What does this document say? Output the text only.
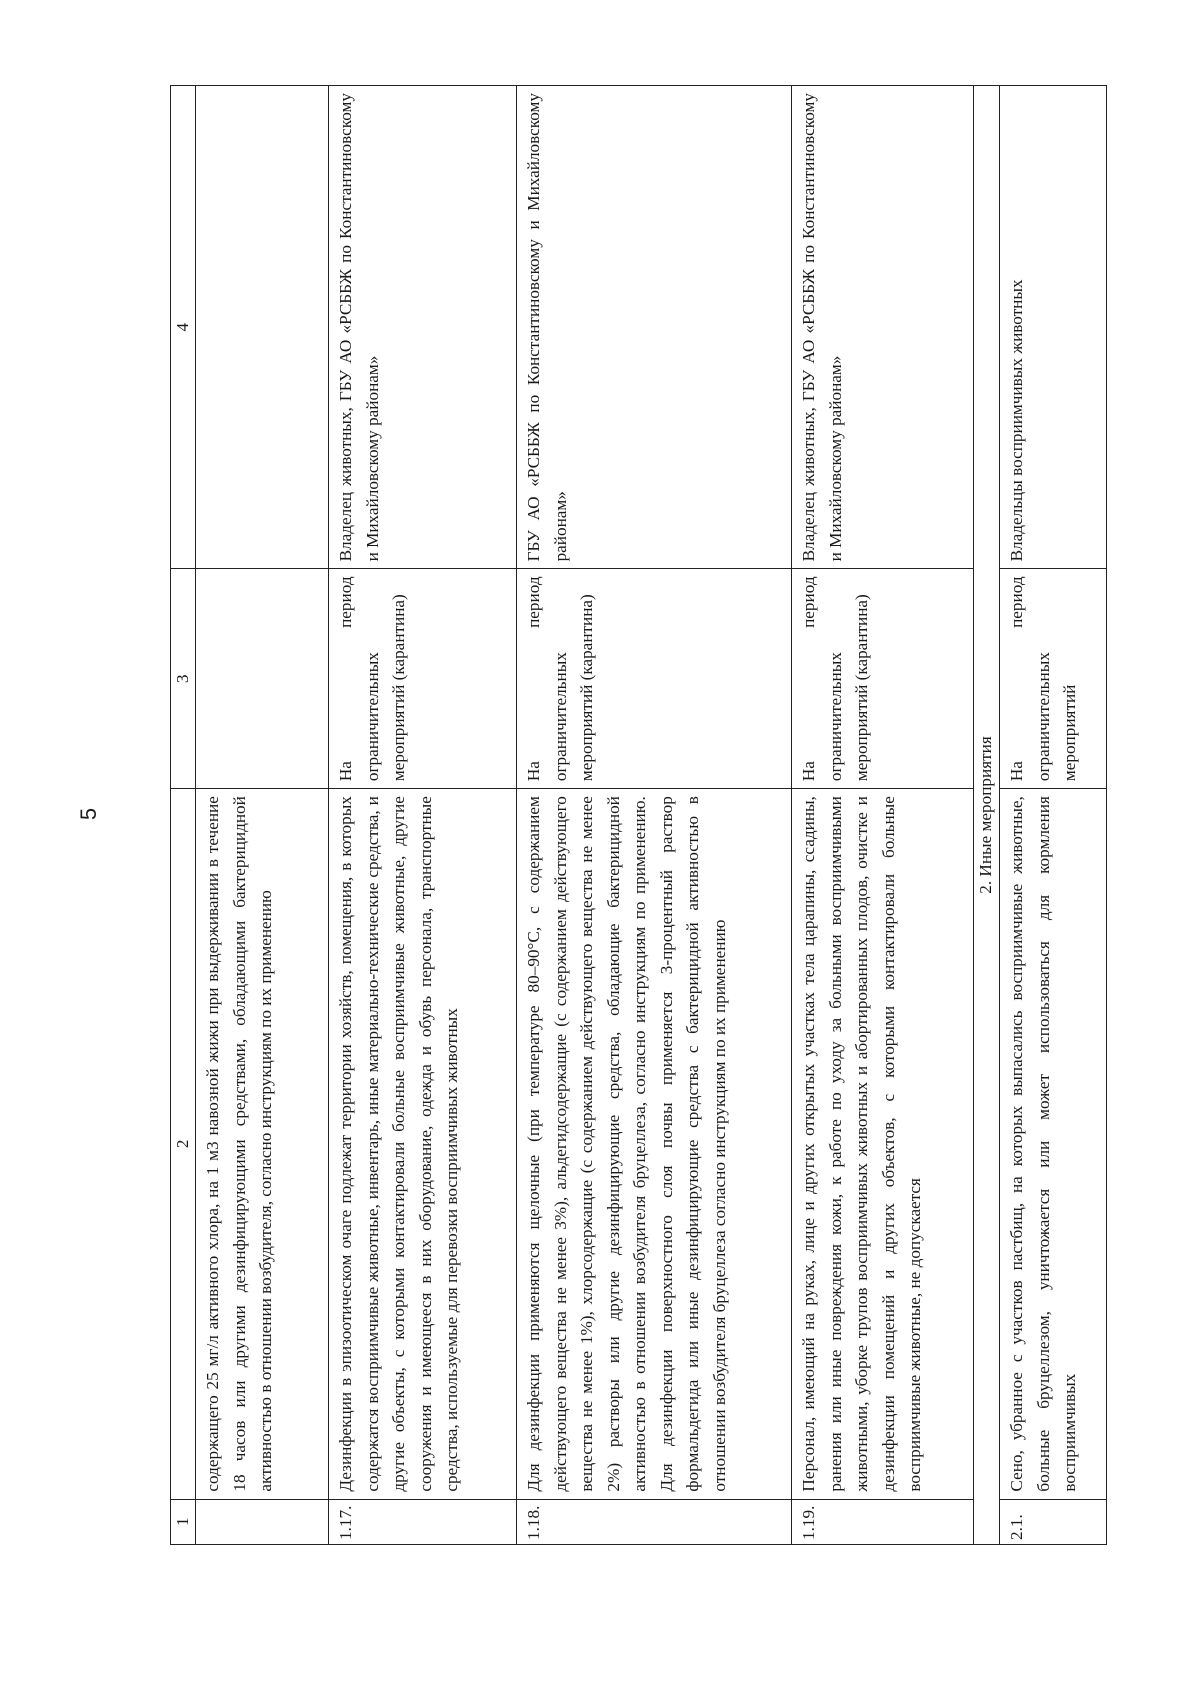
5
1	2	3	4
	содержащего 25 мг/л активного хлора, на 1 м3 навозной жижи при выдерживании в течение 18 часов или другими дезинфицирующими средствами, обладающими бактерицидной активностью в отношении возбудителя, согласно инструкциям по их применению		
1.17.	Дезинфекции в эпизоотическом очаге подлежат территории хозяйств, помещения, в которых содержатся восприимчивые животные, инвентарь, иные материально-технические средства, и другие объекты, с которыми контактировали больные восприимчивые животные, другие сооружения и имеющееся в них оборудование, одежда и обувь персонала, транспортные средства, используемые для перевозки восприимчивых животных	На период ограничительных мероприятий (карантина)	Владелец животных, ГБУ АО «РСББЖ по Константиновскому и Михайловскому районам»
1.18.	Для дезинфекции применяются щелочные (при температуре 80–90°С, с содержанием действующего вещества не менее 3%), альдегидсодержащие (с содержанием действующего вещества не менее 1%), хлорсодержащие (с содержанием действующего вещества не менее 2%) растворы или другие дезинфицирующие средства, обладающие бактерицидной активностью в отношении возбудителя бруцеллеза, согласно инструкциям по применению. Для дезинфекции поверхностного слоя почвы применяется 3-процентный раствор формальдегида или иные дезинфицирующие средства с бактерицидной активностью в отношении возбудителя бруцеллеза согласно инструкциям по их применению	На период ограничительных мероприятий (карантина)	ГБУ АО «РСББЖ по Константиновскому и Михайловскому районам»
1.19.	Персонал, имеющий на руках, лице и других открытых участках тела царапины, ссадины, ранения или иные повреждения кожи, к работе по уходу за больными восприимчивыми животными, уборке трупов восприимчивых животных и абортированных плодов, очистке и дезинфекции помещений и других объектов, с которыми контактировали больные восприимчивые животные, не допускается	На период ограничительных мероприятий (карантина)	Владелец животных, ГБУ АО «РСББЖ по Константиновскому и Михайловскому районам»
2. Иные мероприятия			
2.1.	Сено, убранное с участков пастбищ, на которых выпасались восприимчивые животные, больные бруцеллезом, уничтожается или может использоваться для кормления восприимчивых	На период ограничительных мероприятий	Владельцы восприимчивых животных
